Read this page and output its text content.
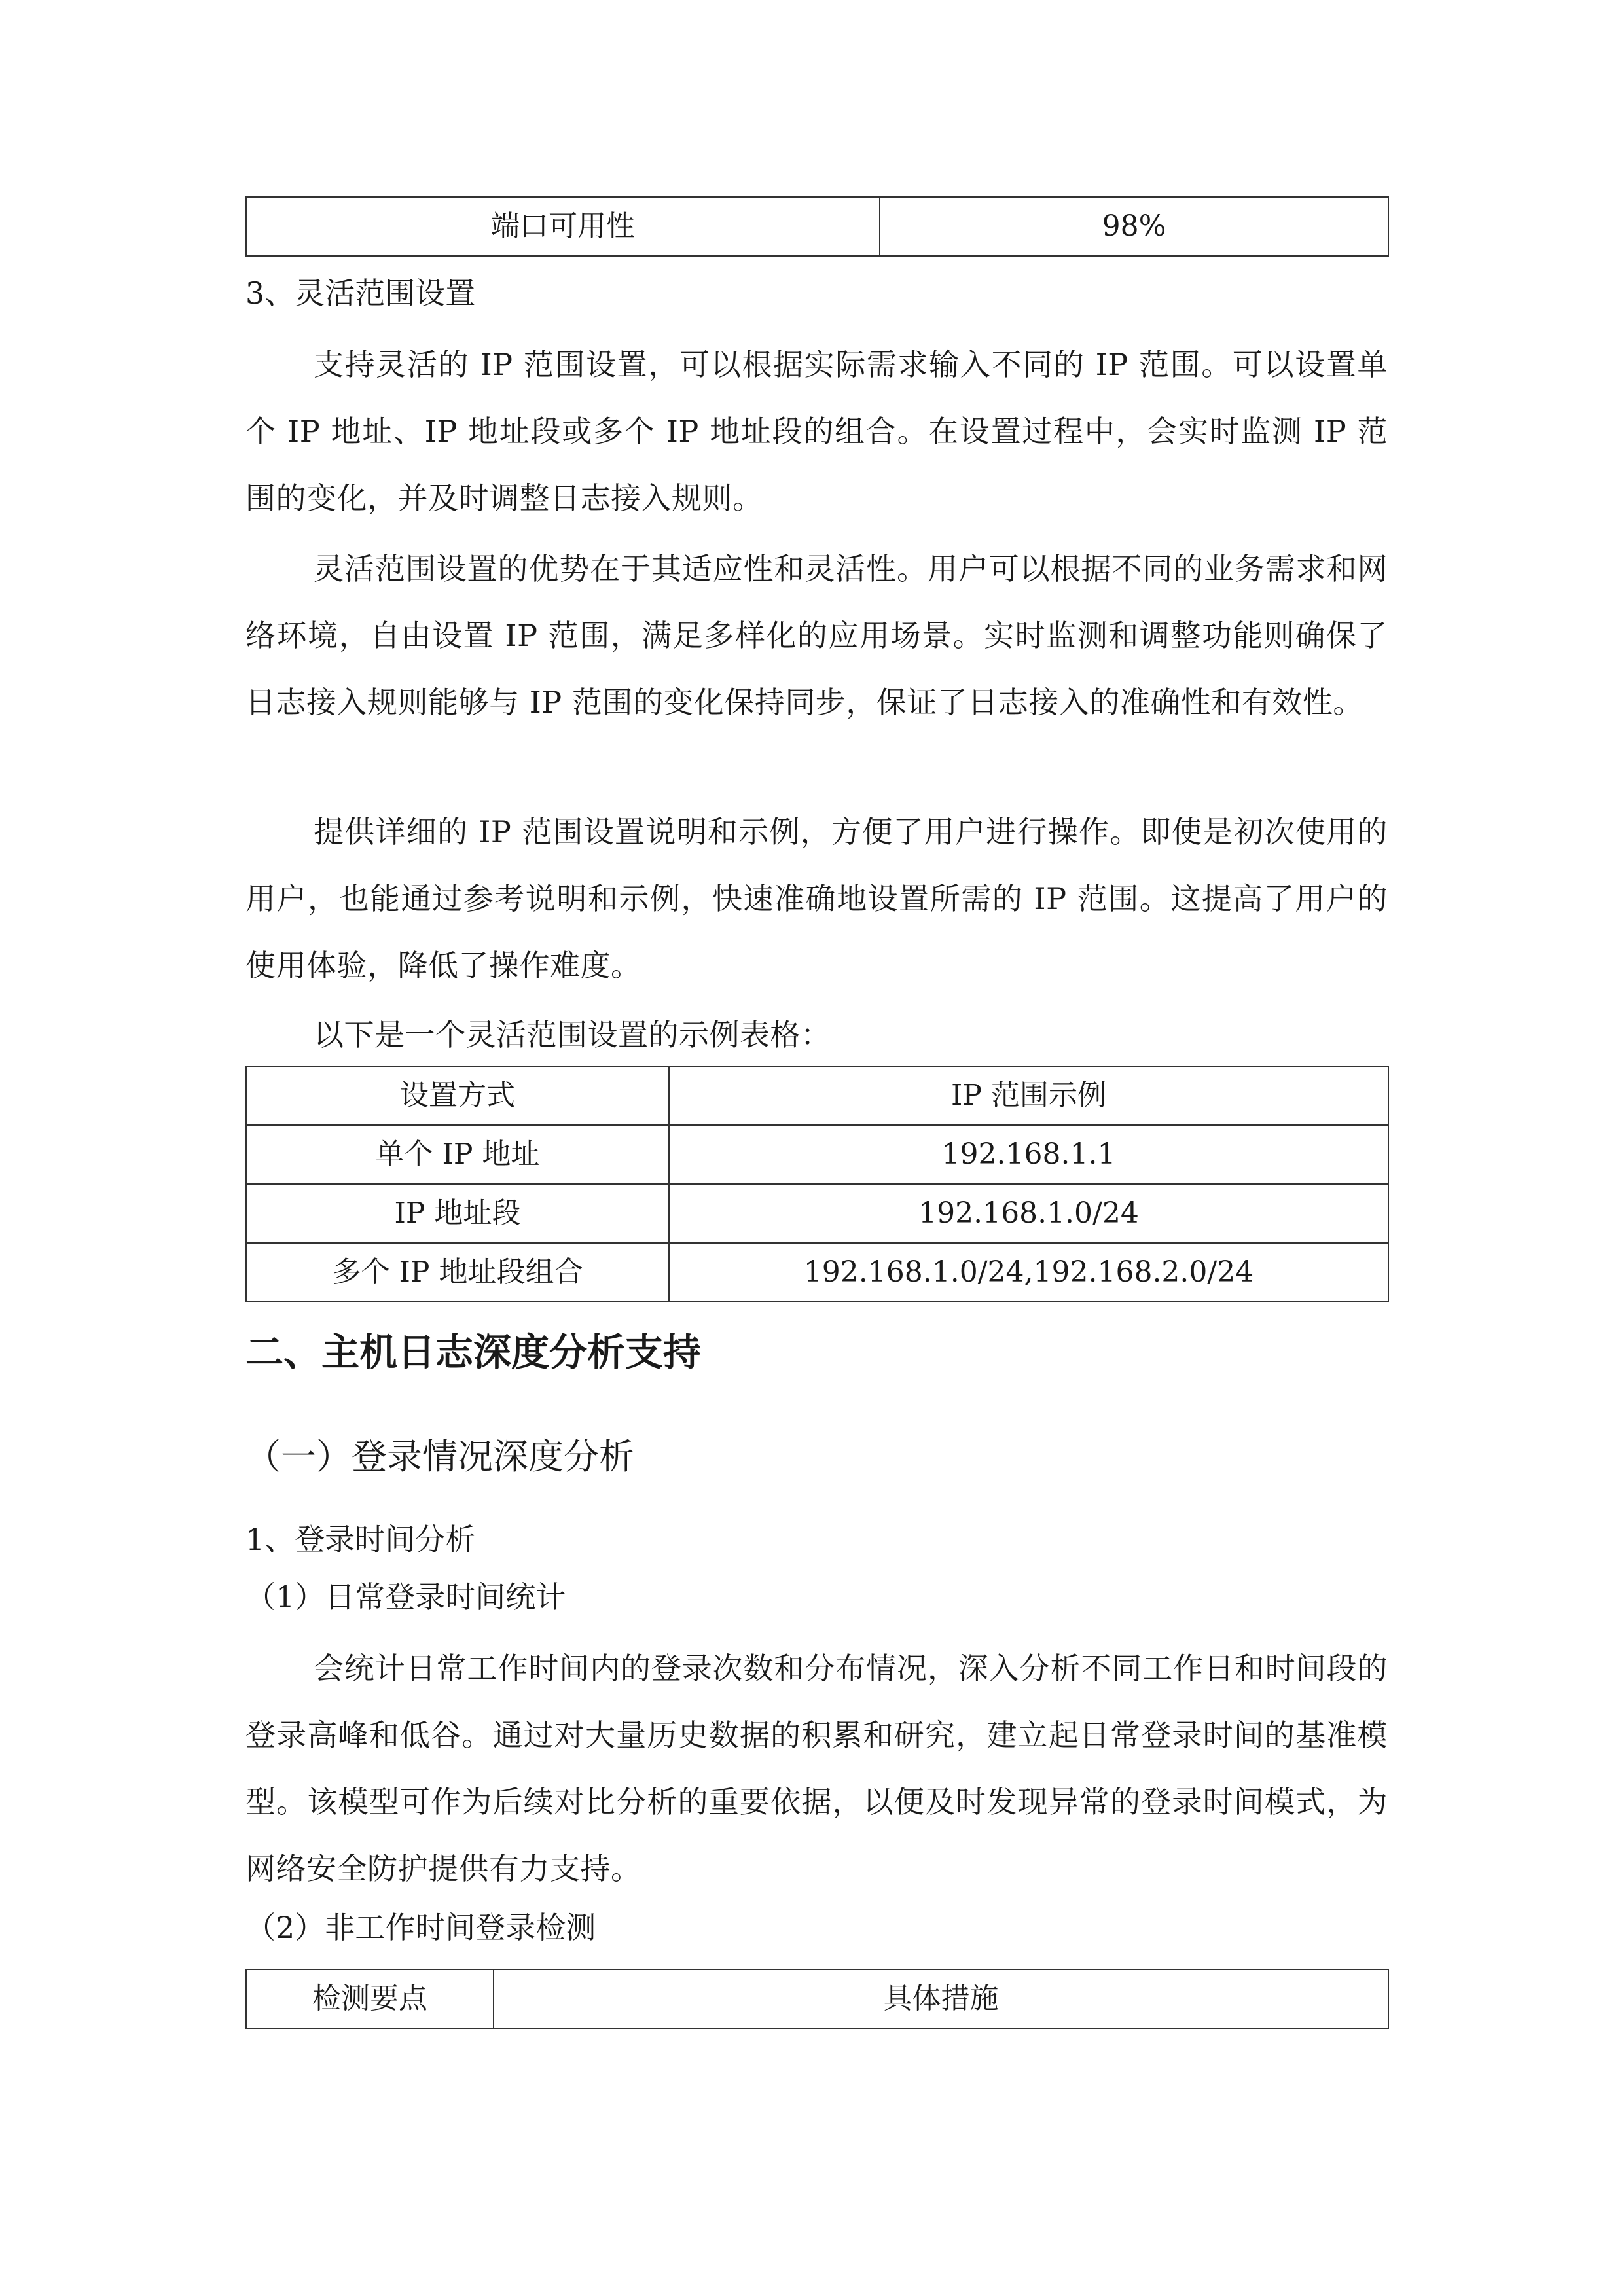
端口可用性	98%
3、灵活范围设置

支持灵活的 IP 范围设置，可以根据实际需求输入不同的 IP 范围。可以设置单个 IP 地址、IP 地址段或多个 IP 地址段的组合。在设置过程中，会实时监测 IP 范围的变化，并及时调整日志接入规则。

灵活范围设置的优势在于其适应性和灵活性。用户可以根据不同的业务需求和网络环境，自由设置 IP 范围，满足多样化的应用场景。实时监测和调整功能则确保了日志接入规则能够与 IP 范围的变化保持同步，保证了日志接入的准确性和有效性。

提供详细的 IP 范围设置说明和示例，方便了用户进行操作。即使是初次使用的用户，也能通过参考说明和示例，快速准确地设置所需的 IP 范围。这提高了用户的使用体验，降低了操作难度。

以下是一个灵活范围设置的示例表格：

设置方式	IP 范围示例
单个 IP 地址	192.168.1.1
IP 地址段	192.168.1.0/24
多个 IP 地址段组合	192.168.1.0/24,192.168.2.0/24
二、主机日志深度分析支持
（一）登录情况深度分析
1、登录时间分析
（1）日常登录时间统计

会统计日常工作时间内的登录次数和分布情况，深入分析不同工作日和时间段的登录高峰和低谷。通过对大量历史数据的积累和研究，建立起日常登录时间的基准模型。该模型可作为后续对比分析的重要依据，以便及时发现异常的登录时间模式，为网络安全防护提供有力支持。

（2）非工作时间登录检测
检测要点	具体措施
